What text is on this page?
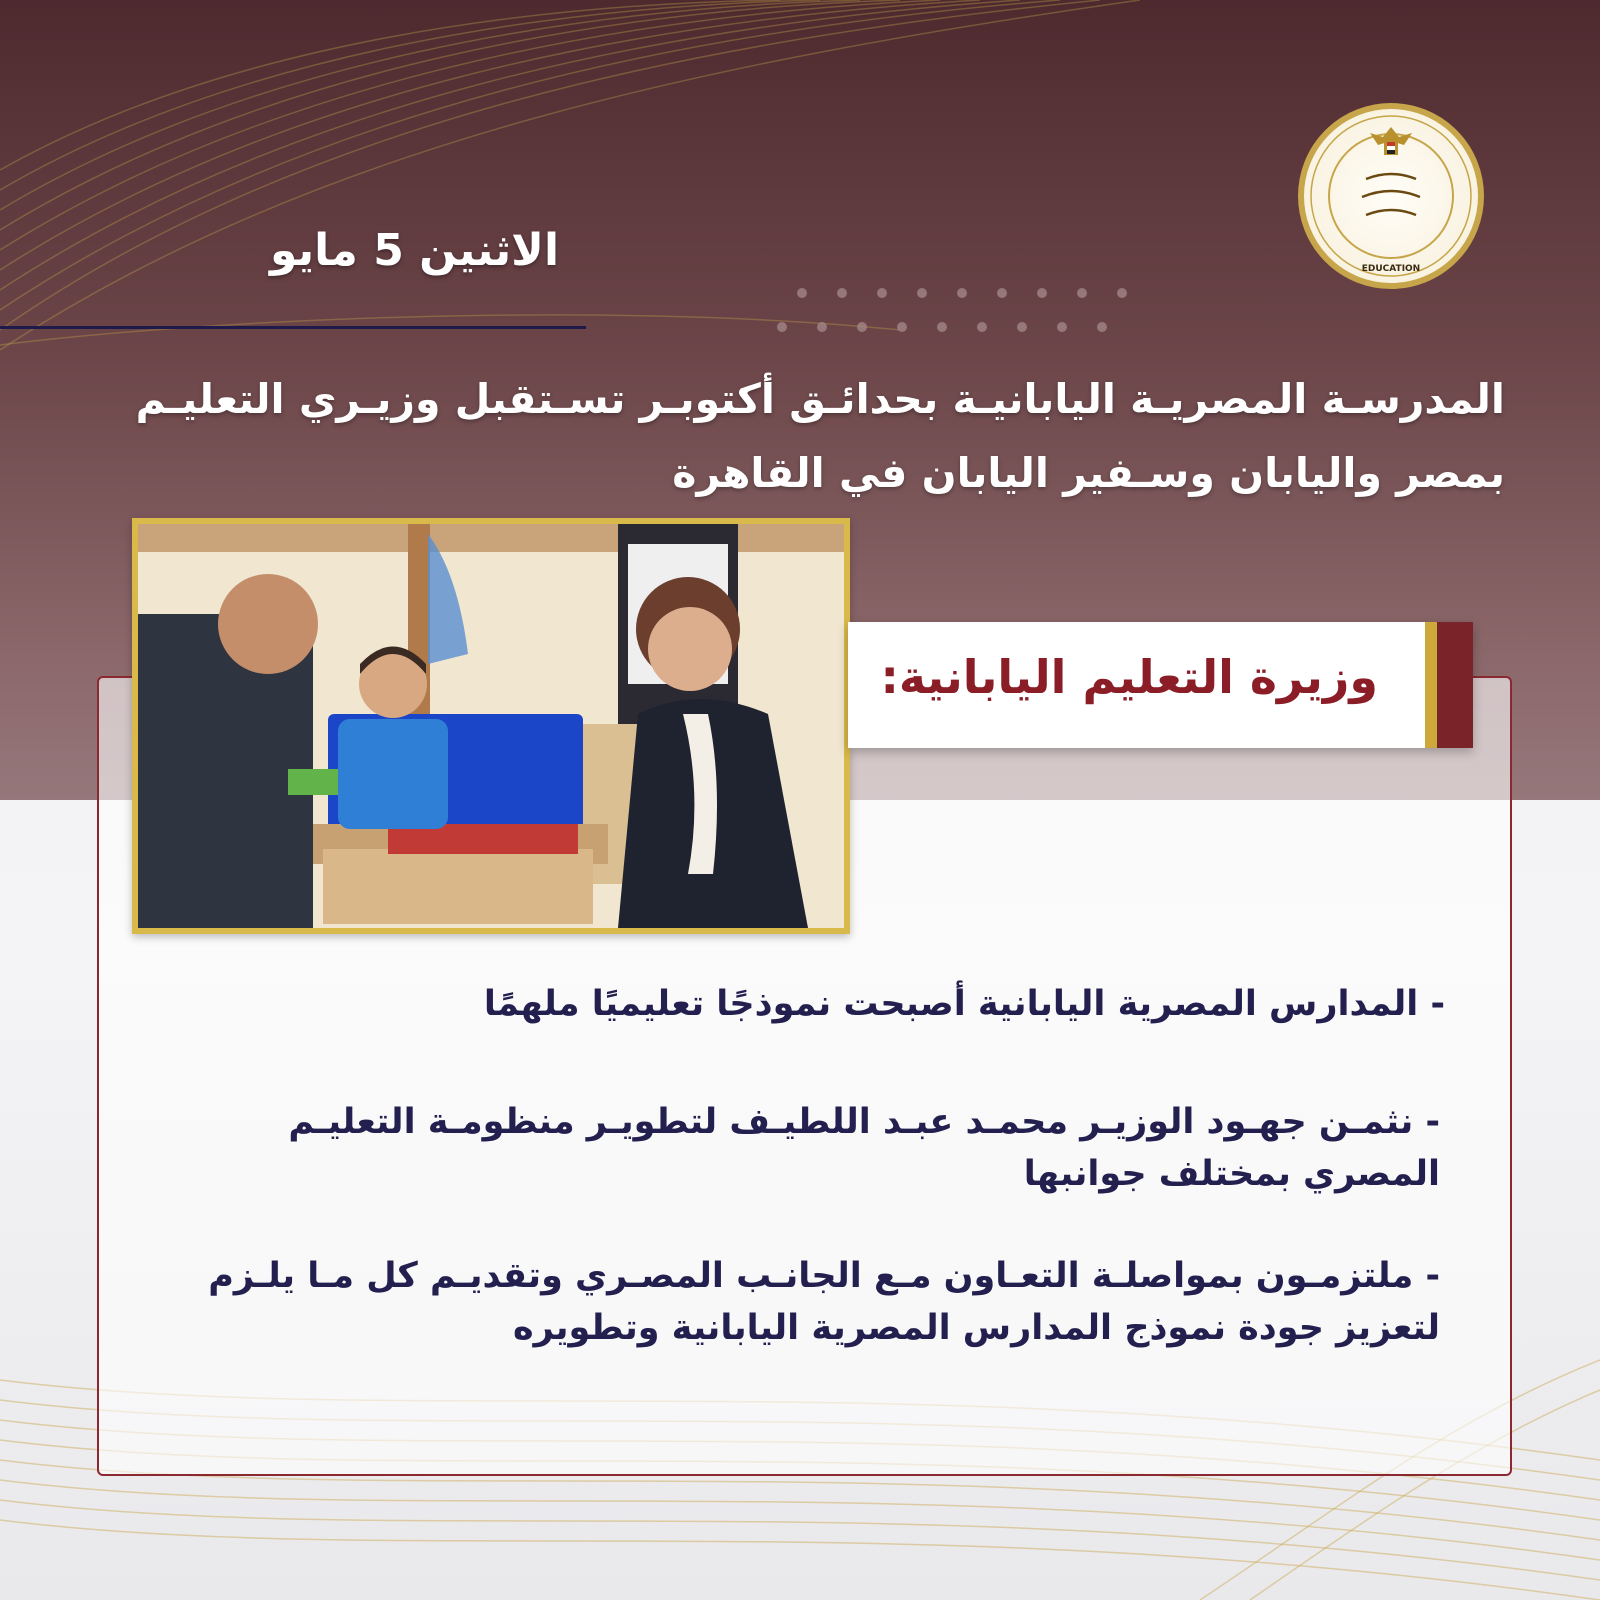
الاثنين 5 مايو	EDUCATION
المدرسـة المصريـة اليابانيـة بحدائـق أكتوبـر تسـتقبل وزيـري التعليـم بمصر واليابان وسـفير اليابان في القاهرة
وزيرة التعليم اليابانية:

- المدارس المصرية اليابانية أصبحت نموذجًا تعليميًا ملهمًا

- نثمـن جهـود الوزيـر محمـد عبـد اللطيـف لتطويـر منظومـة التعليـم المصري بمختلف جوانبها

- ملتزمـون بمواصلـة التعـاون مـع الجانـب المصـري وتقديـم كل مـا يلـزم لتعزيز جودة نموذج المدارس المصرية اليابانية وتطويره
